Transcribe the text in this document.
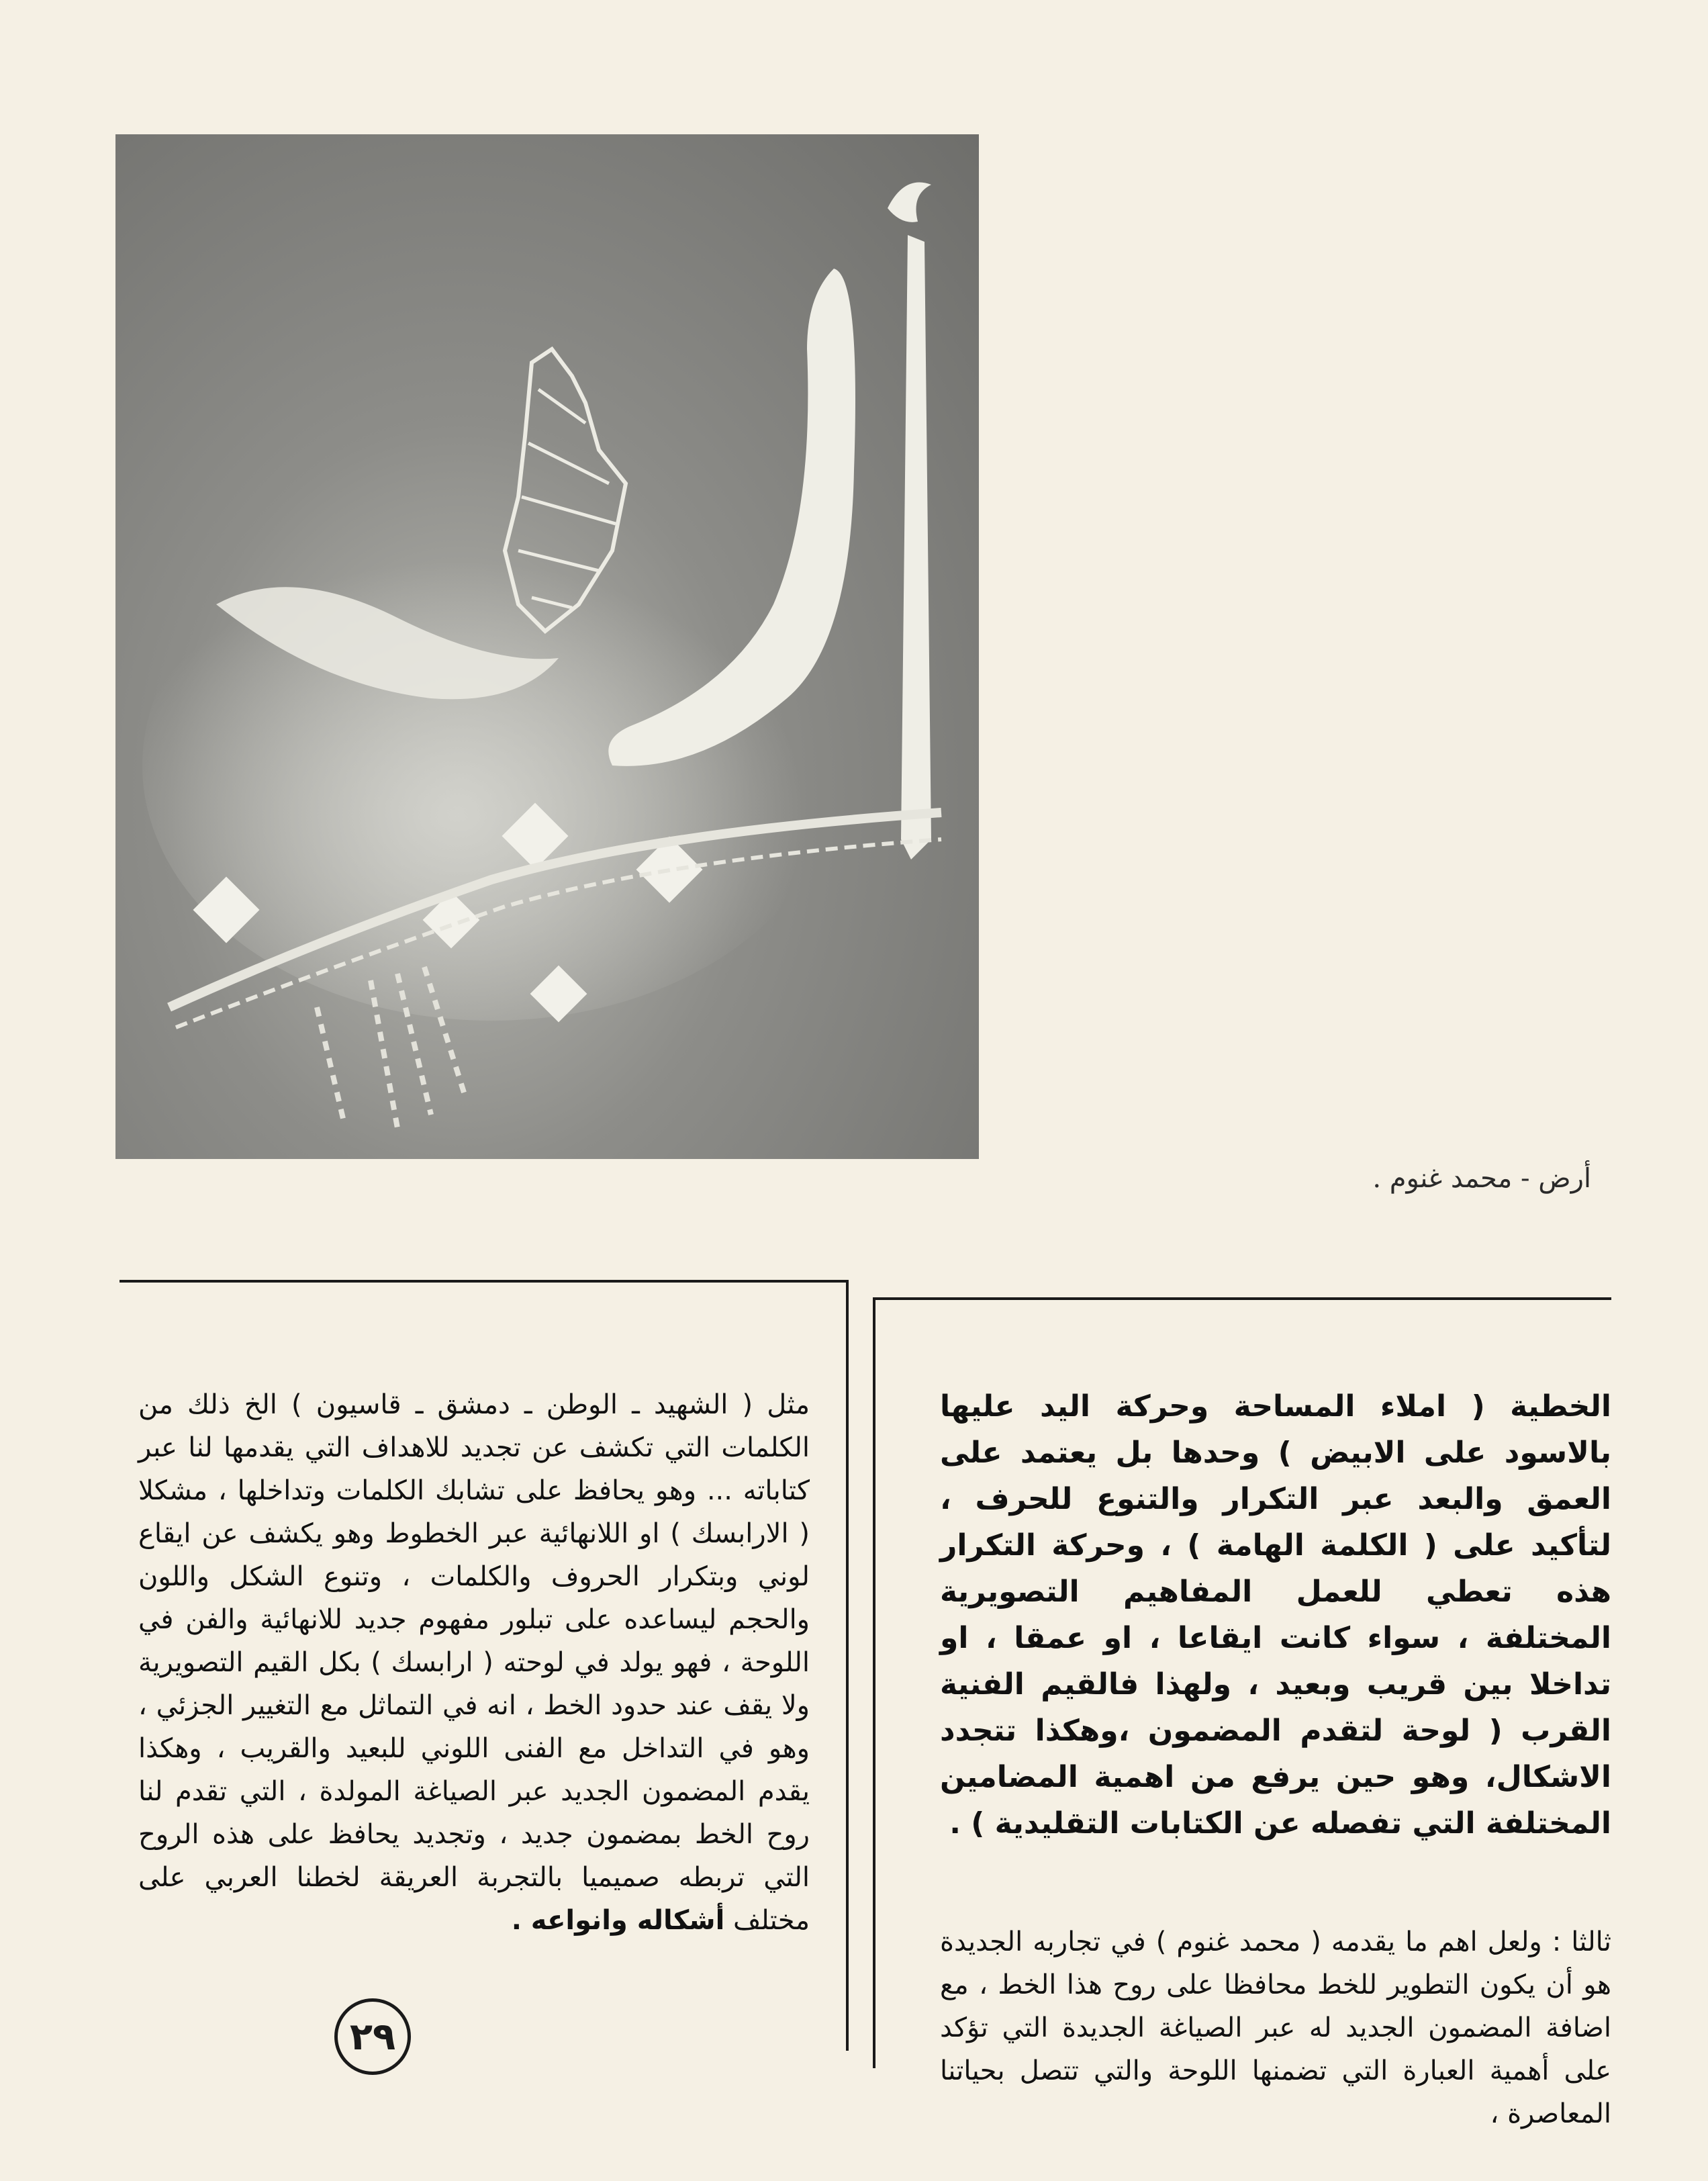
أرض - محمد غنوم .

الخطية ( املاء المساحة وحركة اليد عليها بالاسود على الابيض ) وحدها بل يعتمد على العمق والبعد عبر التكرار والتنوع للحرف ، لتأكيد على ( الكلمة الهامة ) ، وحركة التكرار هذه تعطي للعمل المفاهيم التصويرية المختلفة ، سواء كانت ايقاعا ، او عمقا ، او تداخلا بين قريب وبعيد ، ولهذا فالقيم الفنية القرب ( لوحة لتقدم المضمون ،وهكذا تتجدد الاشكال، وهو حين يرفع من اهمية المضامين المختلفة التي تفصله عن الكتابات التقليدية ) .

ثالثا : ولعل اهم ما يقدمه ( محمد غنوم ) في تجاربه الجديدة هو أن يكون التطوير للخط محافظا على روح هذا الخط ، مع اضافة المضمون الجديد له عبر الصياغة الجديدة التي تؤكد على أهمية العبارة التي تضمنها اللوحة والتي تتصل بحياتنا المعاصرة ،

مثل ( الشهيد ـ الوطن ـ دمشق ـ قاسيون ) الخ ذلك من الكلمات التي تكشف عن تجديد للاهداف التي يقدمها لنا عبر كتاباته ... وهو يحافظ على تشابك الكلمات وتداخلها ، مشكلا ( الارابسك ) او اللانهائية عبر الخطوط وهو يكشف عن ايقاع لوني وبتكرار الحروف والكلمات ، وتنوع الشكل واللون والحجم ليساعده على تبلور مفهوم جديد للانهائية والفن في اللوحة ، فهو يولد في لوحته ( ارابسك ) بكل القيم التصويرية ولا يقف عند حدود الخط ، انه في التماثل مع التغيير الجزئي ، وهو في التداخل مع الفنى اللوني للبعيد والقريب ، وهكذا يقدم المضمون الجديد عبر الصياغة المولدة ، التي تقدم لنا روح الخط بمضمون جديد ، وتجديد يحافظ على هذه الروح التي تربطه صميميا بالتجربة العريقة لخطنا العربي على مختلف أشكاله وانواعه .

٢٩
